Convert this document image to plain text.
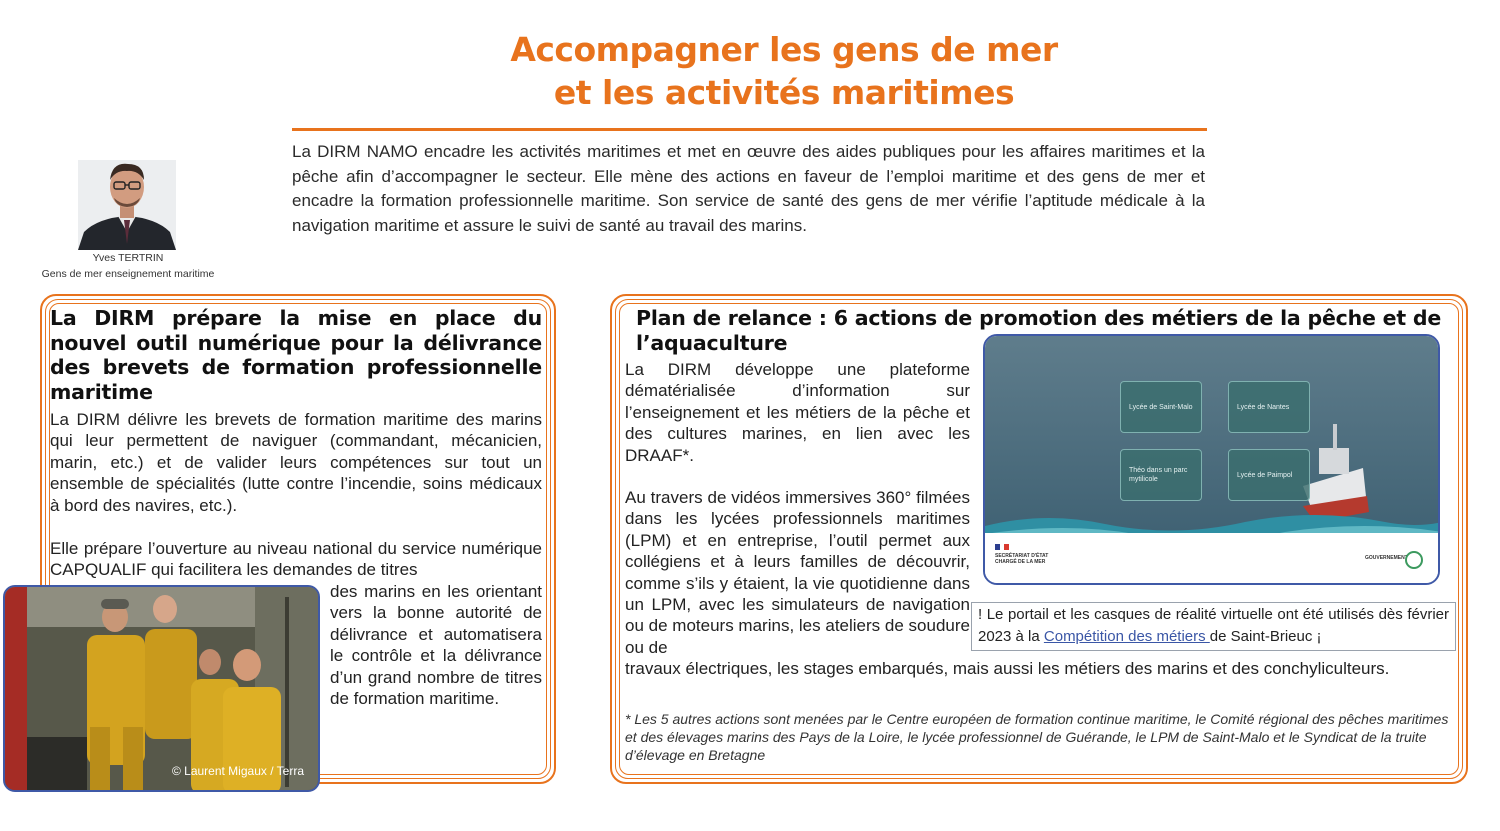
Accompagner les gens de mer
et les activités maritimes

La DIRM NAMO encadre les activités maritimes et met en œuvre des aides publiques pour les affaires maritimes et la pêche afin d’accompagner le secteur. Elle mène des actions en faveur de l’emploi maritime et des gens de mer et encadre la formation professionnelle maritime. Son service de santé des gens de mer vérifie l’aptitude médicale à la navigation maritime et assure le suivi de santé au travail des marins.

Yves TERTRIN
Gens de mer enseignement maritime
La DIRM prépare la mise en place du nouvel outil numérique pour la délivrance des brevets de formation professionnelle maritime

La DIRM délivre les brevets de formation maritime des marins qui leur permettent de naviguer (commandant, mécanicien, marin, etc.) et de valider leurs compétences sur tout un ensemble de spécialités (lutte contre l’incendie, soins médicaux à bord des navires, etc.).

Elle prépare l’ouverture au niveau national du service numérique CAPQUALIF qui facilitera les demandes de titres

des marins en les orientant vers la bonne autorité de délivrance et automatisera le contrôle et la délivrance d’un grand nombre de titres de formation maritime.

© Laurent Migaux / Terra
Plan de relance : 6 actions de promotion des métiers de la pêche et de l’aquaculture

La DIRM développe une plateforme dématérialisée d’information sur l’enseignement et les métiers de la pêche et des cultures marines, en lien avec les DRAAF*.

Au travers de vidéos immersives 360° filmées dans les lycées professionnels maritimes (LPM) et en entreprise, l’outil permet aux collégiens et à leurs familles de découvrir, comme s’ils y étaient, la vie quotidienne dans un LPM, avec les simulateurs de navigation ou de moteurs marins, les ateliers de soudure ou de

travaux électriques, les stages embarqués, mais aussi les métiers des marins et des conchyliculteurs.

* Les 5 autres actions sont menées par le Centre européen de formation continue maritime, le Comité régional des pêches maritimes et des élevages marins des Pays de la Loire, le lycée professionnel de Guérande, le LPM de Saint-Malo et le Syndicat de la truite d’élevage en Bretagne

Lycée de Saint-Malo	Lycée de Nantes
Théo dans un parc mytilicole
Lycée de Paimpol
SECRÉTARIAT D'ÉTAT CHARGÉ DE LA MER
GOUVERNEMENT
! Le portail et les casques de réalité virtuelle ont été utilisés dès février 2023 à la Compétition des métiers de Saint-Brieuc ¡
